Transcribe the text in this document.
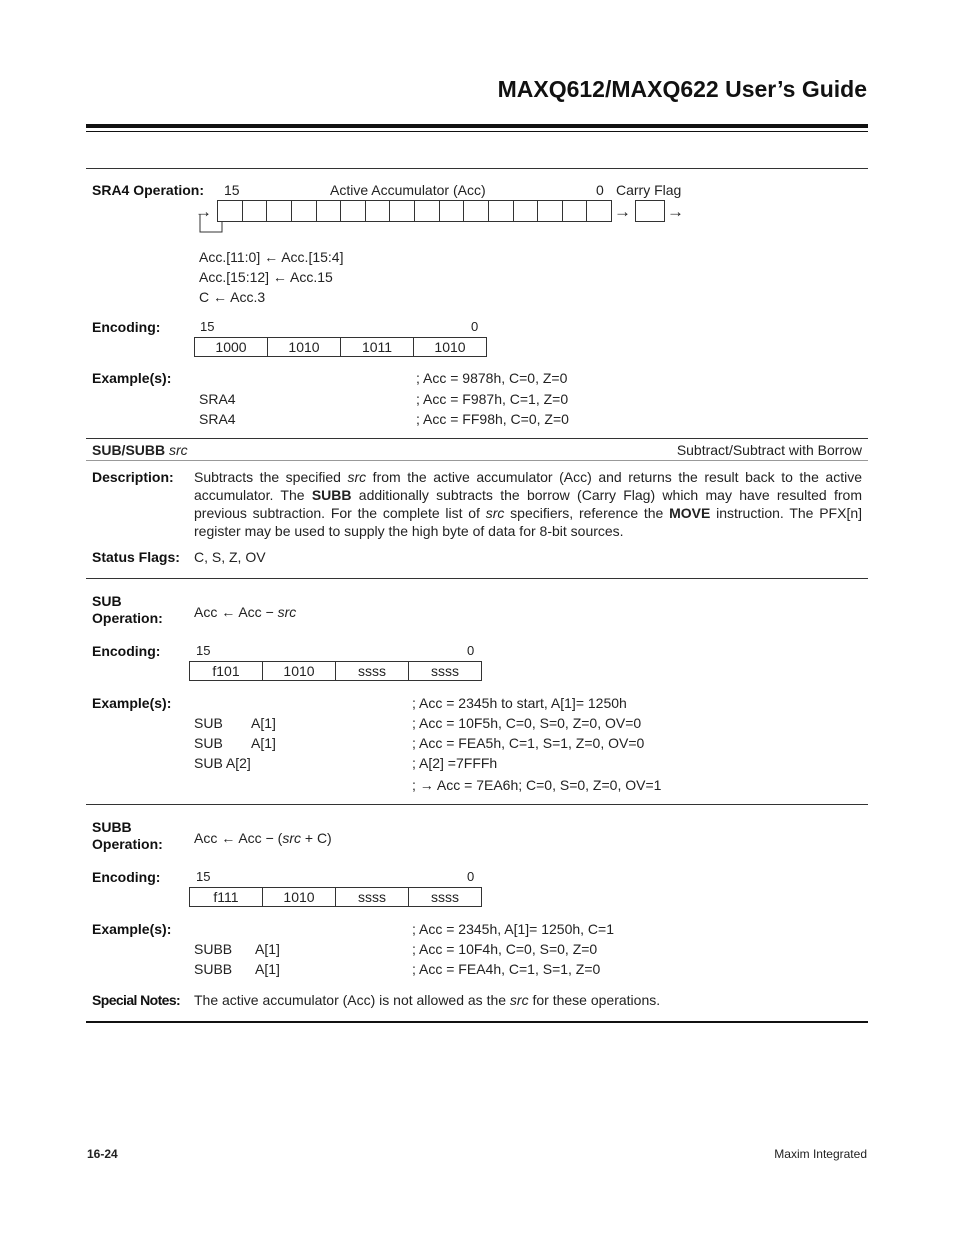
MAXQ612/MAXQ622 User’s Guide
SRA4 Operation: 15	Active Accumulator (Acc)	0 Carry Flag
→	→ →
Acc.[11:0] ← Acc.[15:4]
Acc.[15:12] ← Acc.15
C ← Acc.3
Encoding:	15	0
1000	1010	1011	1010
Example(s):	; Acc = 9878h, C=0, Z=0
SRA4	; Acc = F987h, C=1, Z=0
SRA4	; Acc = FF98h, C=0, Z=0
SUB/SUBB src	Subtract/Subtract with Borrow
Description: Subtracts the specified src from the active accumulator (Acc) and returns the result back to the active accumulator. The SUBB additionally subtracts the borrow (Carry Flag) which may have resulted from previous subtraction. For the complete list of src specifiers, reference the MOVE instruction. The PFX[n] register may be used to supply the high byte of data for 8-bit sources.
Status Flags: C, S, Z, OV
SUB
Operation: Acc ← Acc − src
Encoding:	15	0
f101	1010	ssss	ssss
Example(s):	; Acc = 2345h to start, A[1]= 1250h
SUB A[1]	; Acc = 10F5h, C=0, S=0, Z=0, OV=0
SUB A[1]	; Acc = FEA5h, C=1, S=1, Z=0, OV=0
SUB A[2]	; A[2] =7FFFh
; → Acc = 7EA6h; C=0, S=0, Z=0, OV=1
SUBB
Operation: Acc ← Acc − (src + C)
Encoding:	15	0
f111	1010	ssss	ssss
Example(s):	; Acc = 2345h, A[1]= 1250h, C=1
SUBB A[1]	; Acc = 10F4h, C=0, S=0, Z=0
SUBB A[1]	; Acc = FEA4h, C=1, S=1, Z=0
Special Notes: The active accumulator (Acc) is not allowed as the src for these operations.
16-24	Maxim Integrated
